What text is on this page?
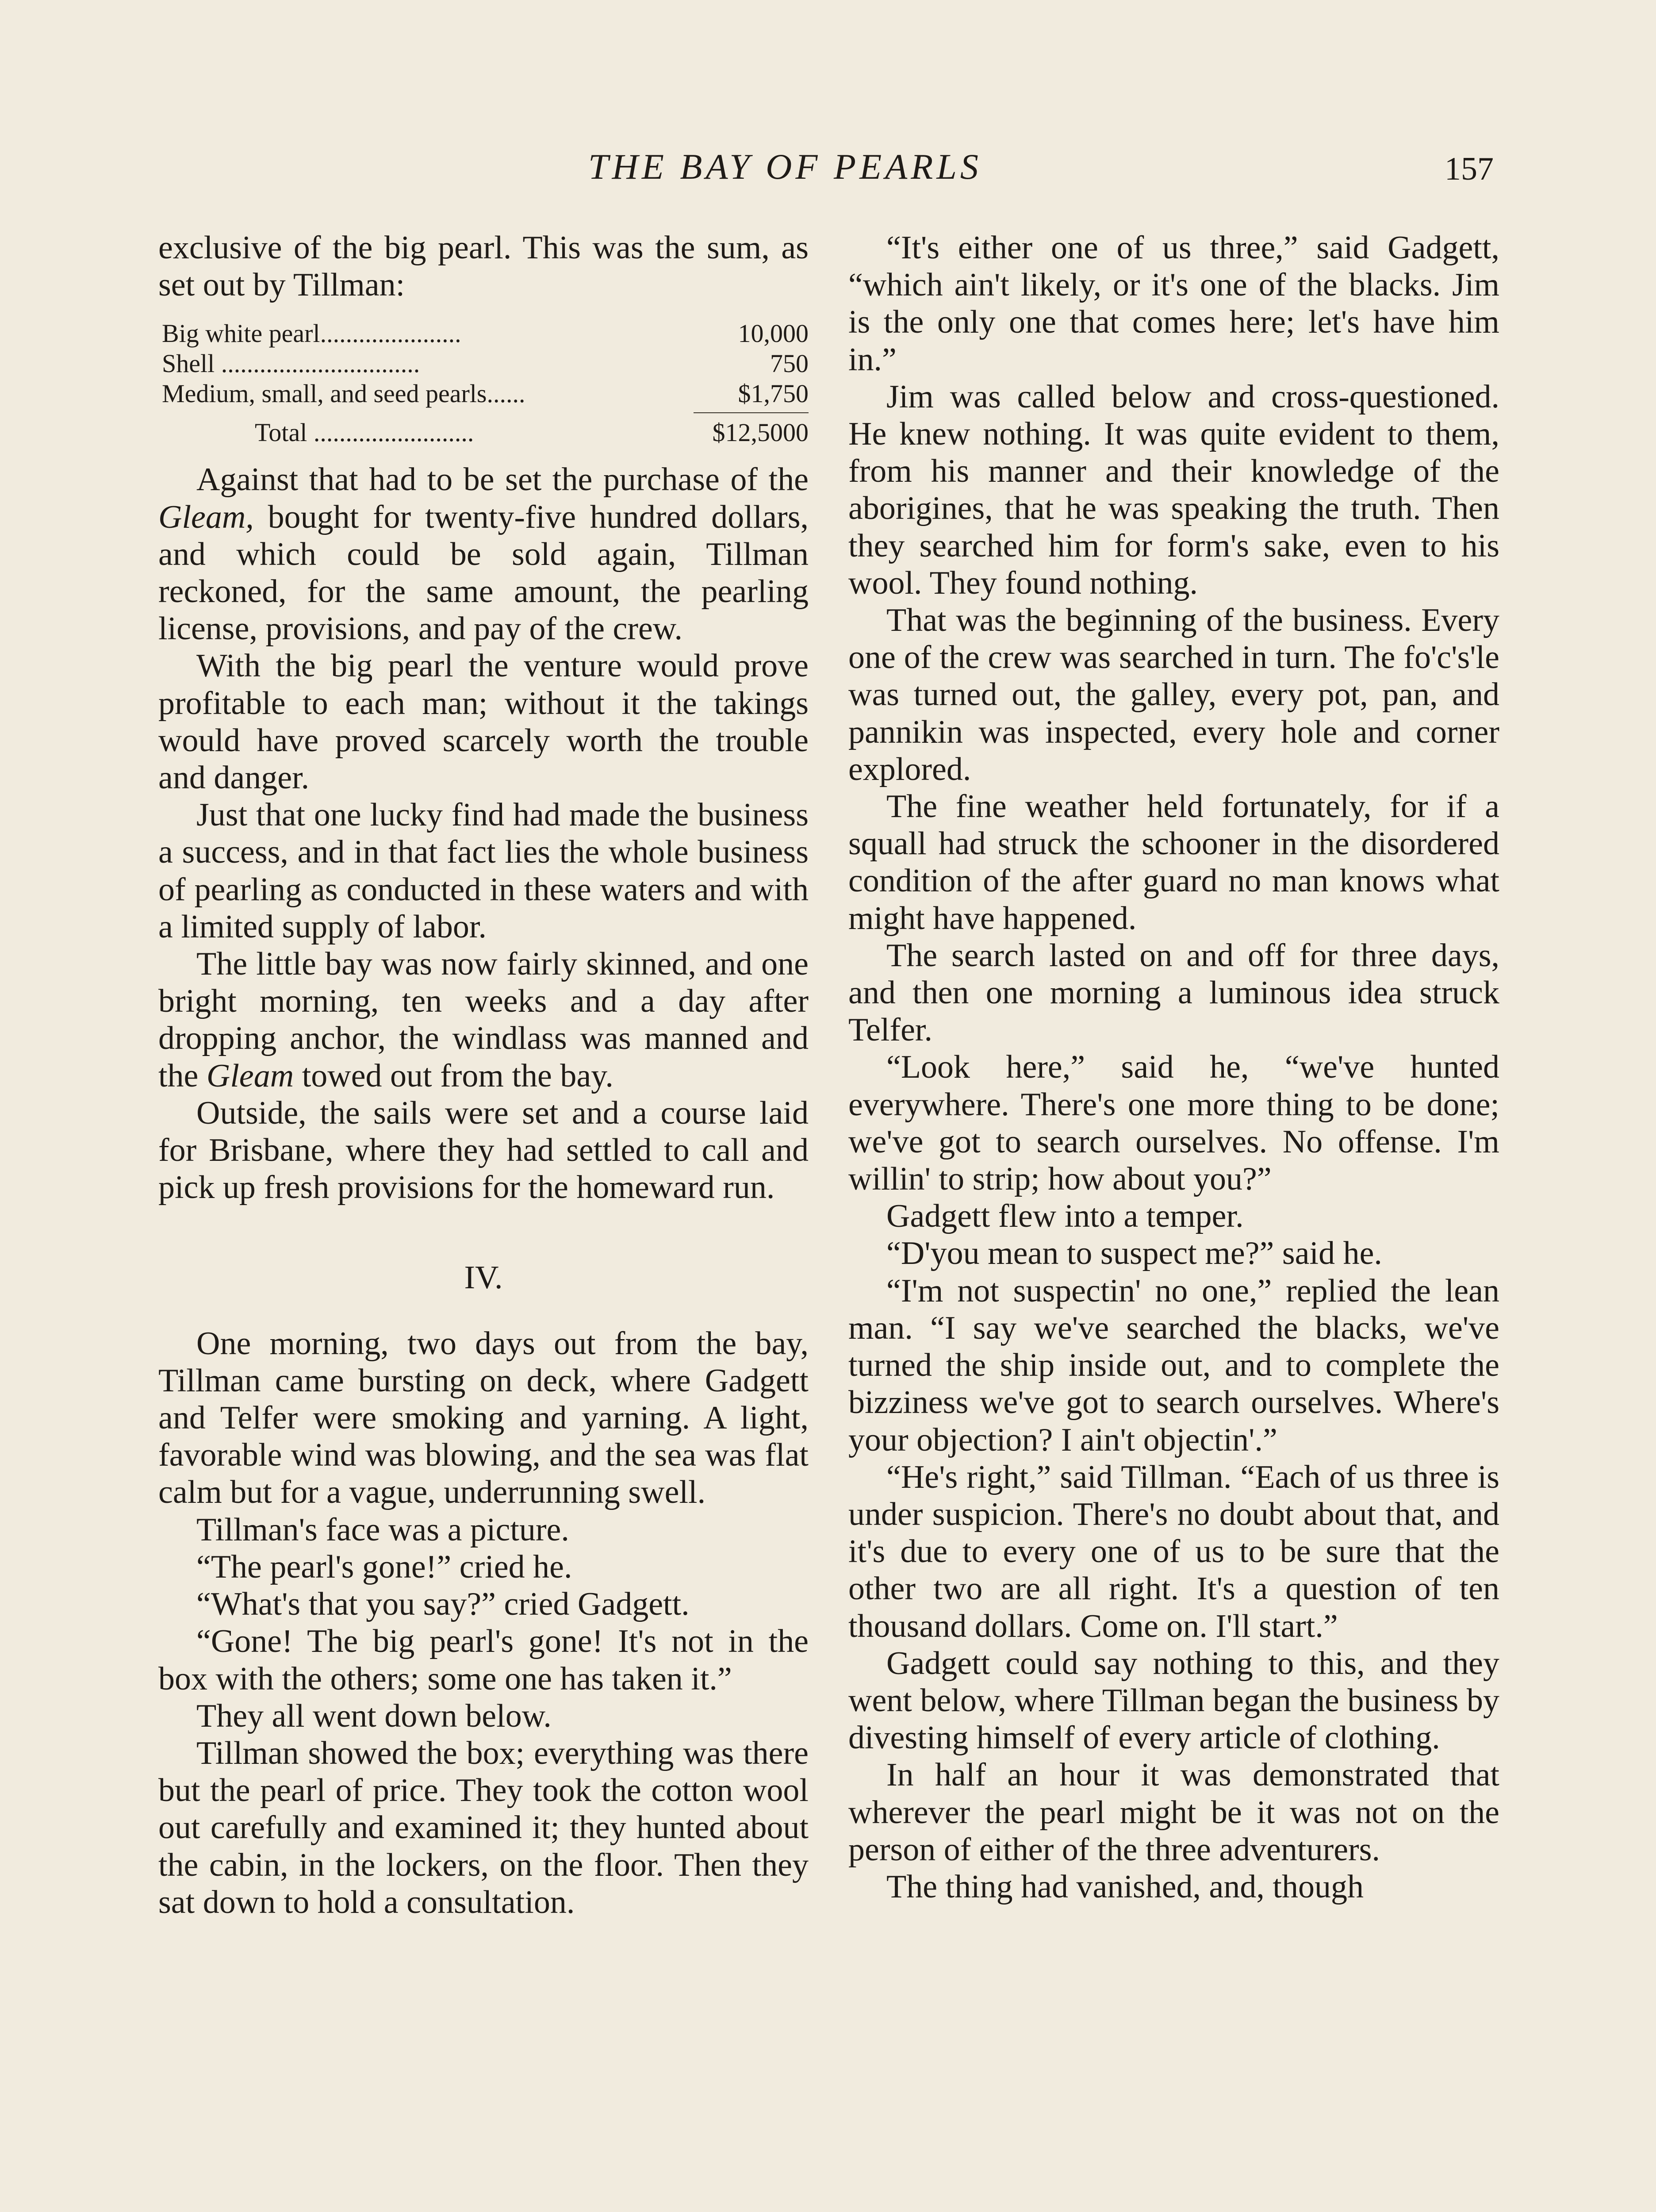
THE BAY OF PEARLS	157

exclusive of the big pearl. This was the sum, as set out by Tillman:

Big white pearl......................	10,000
Shell ...............................	750
Medium, small, and seed pearls......	$1,750
Total .........................	$12,5000

Against that had to be set the purchase of the Gleam, bought for twenty-five hundred dollars, and which could be sold again, Tillman reckoned, for the same amount, the pearling license, provisions, and pay of the crew.

With the big pearl the venture would prove profitable to each man; without it the takings would have proved scarcely worth the trouble and danger.

Just that one lucky find had made the business a success, and in that fact lies the whole business of pearling as conducted in these waters and with a limited supply of labor.

The little bay was now fairly skinned, and one bright morning, ten weeks and a day after dropping anchor, the windlass was manned and the Gleam towed out from the bay.

Outside, the sails were set and a course laid for Brisbane, where they had settled to call and pick up fresh provisions for the homeward run.

IV.

One morning, two days out from the bay, Tillman came bursting on deck, where Gadgett and Telfer were smoking and yarning. A light, favorable wind was blowing, and the sea was flat calm but for a vague, underrunning swell.

Tillman's face was a picture.

“The pearl's gone!” cried he.

“What's that you say?” cried Gadgett.

“Gone! The big pearl's gone! It's not in the box with the others; some one has taken it.”

They all went down below.

Tillman showed the box; everything was there but the pearl of price. They took the cotton wool out carefully and examined it; they hunted about the cabin, in the lockers, on the floor. Then they sat down to hold a consultation.

“It's either one of us three,” said Gadgett, “which ain't likely, or it's one of the blacks. Jim is the only one that comes here; let's have him in.”

Jim was called below and cross-questioned. He knew nothing. It was quite evident to them, from his manner and their knowledge of the aborigines, that he was speaking the truth. Then they searched him for form's sake, even to his wool. They found nothing.

That was the beginning of the business. Every one of the crew was searched in turn. The fo'c's'le was turned out, the galley, every pot, pan, and pannikin was inspected, every hole and corner explored.

The fine weather held fortunately, for if a squall had struck the schooner in the disordered condition of the after guard no man knows what might have happened.

The search lasted on and off for three days, and then one morning a luminous idea struck Telfer.

“Look here,” said he, “we've hunted everywhere. There's one more thing to be done; we've got to search ourselves. No offense. I'm willin' to strip; how about you?”

Gadgett flew into a temper.

“D'you mean to suspect me?” said he.

“I'm not suspectin' no one,” replied the lean man. “I say we've searched the blacks, we've turned the ship inside out, and to complete the bizziness we've got to search ourselves. Where's your objection? I ain't objectin'.”

“He's right,” said Tillman. “Each of us three is under suspicion. There's no doubt about that, and it's due to every one of us to be sure that the other two are all right. It's a question of ten thousand dollars. Come on. I'll start.”

Gadgett could say nothing to this, and they went below, where Tillman began the business by divesting himself of every article of clothing.

In half an hour it was demonstrated that wherever the pearl might be it was not on the person of either of the three adventurers.

The thing had vanished, and, though
